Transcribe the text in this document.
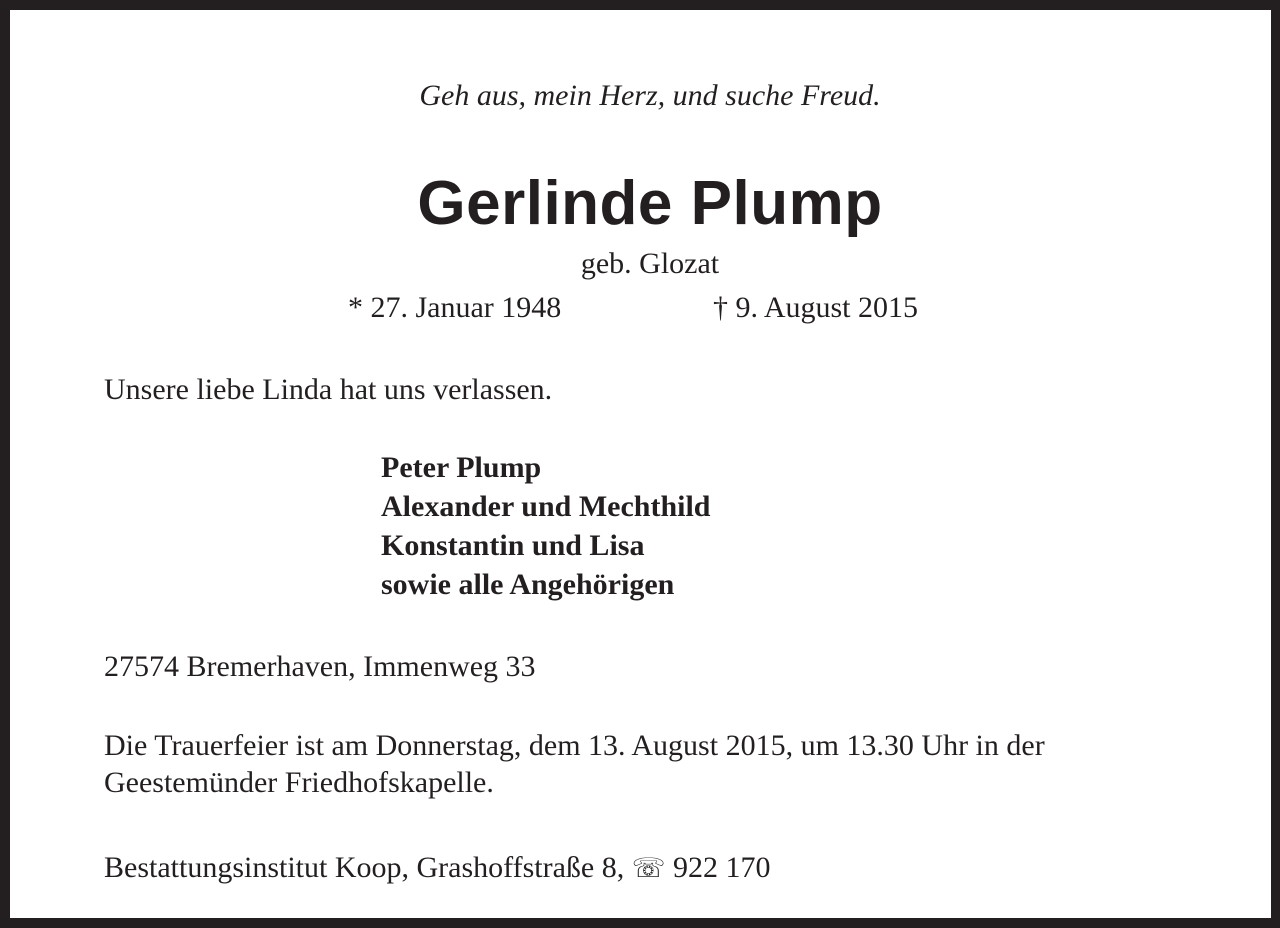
Geh aus, mein Herz, und suche Freud.
Gerlinde Plump
geb. Glozat
* 27. Januar 1948	† 9. August 2015
Unsere liebe Linda hat uns verlassen.
Peter Plump
Alexander und Mechthild
Konstantin und Lisa
sowie alle Angehörigen
27574 Bremerhaven, Immenweg 33
Die Trauerfeier ist am Donnerstag, dem 13. August 2015, um 13.30 Uhr in der
Geestemünder Friedhofskapelle.
Bestattungsinstitut Koop, Grashoffstraße 8, ☏ 922 170
